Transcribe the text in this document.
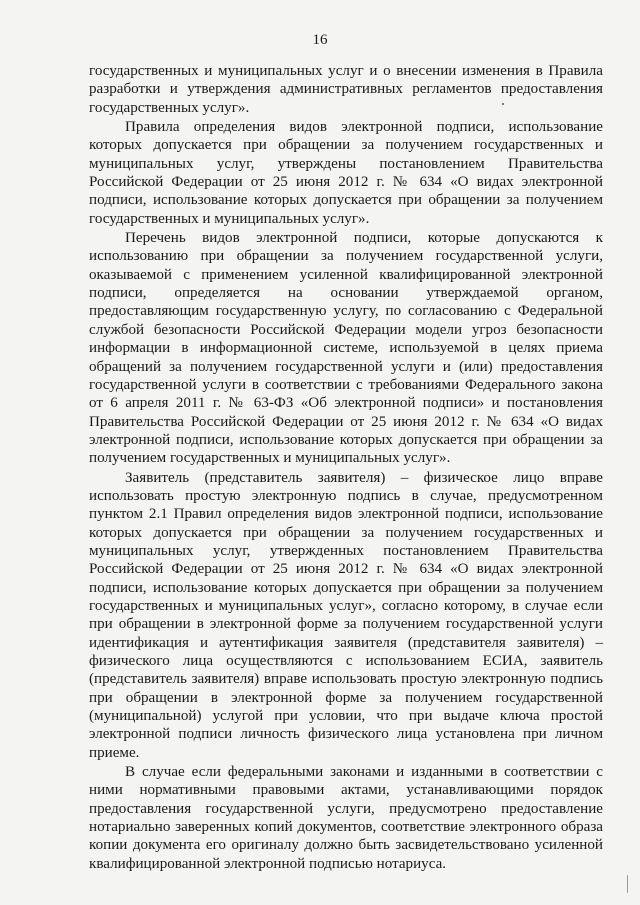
16

государственных и муниципальных услуг и о внесении изменения в Правила разработки и утверждения административных регламентов предоставления государственных услуг».

Правила определения видов электронной подписи, использование которых допускается при обращении за получением государственных и муниципальных услуг, утверждены постановлением Правительства Российской Федерации от 25 июня 2012 г. № 634 «О видах электронной подписи, использование которых допускается при обращении за получением государственных и муниципальных услуг».

Перечень видов электронной подписи, которые допускаются к использованию при обращении за получением государственной услуги, оказываемой с применением усиленной квалифицированной электронной подписи, определяется на основании утверждаемой органом, предоставляющим государственную услугу, по согласованию с Федеральной службой безопасности Российской Федерации модели угроз безопасности информации в информационной системе, используемой в целях приема обращений за получением государственной услуги и (или) предоставления государственной услуги в соответствии с требованиями Федерального закона от 6 апреля 2011 г. № 63-ФЗ «Об электронной подписи» и постановления Правительства Российской Федерации от 25 июня 2012 г. № 634 «О видах электронной подписи, использование которых допускается при обращении за получением государственных и муниципальных услуг».

Заявитель (представитель заявителя) – физическое лицо вправе использовать простую электронную подпись в случае, предусмотренном пунктом 2.1 Правил определения видов электронной подписи, использование которых допускается при обращении за получением государственных и муниципальных услуг, утвержденных постановлением Правительства Российской Федерации от 25 июня 2012 г. № 634 «О видах электронной подписи, использование которых допускается при обращении за получением государственных и муниципальных услуг», согласно которому, в случае если при обращении в электронной форме за получением государственной услуги идентификация и аутентификация заявителя (представителя заявителя) – физического лица осуществляются с использованием ЕСИА, заявитель (представитель заявителя) вправе использовать простую электронную подпись при обращении в электронной форме за получением государственной (муниципальной) услугой при условии, что при выдаче ключа простой электронной подписи личность физического лица установлена при личном приеме.

В случае если федеральными законами и изданными в соответствии с ними нормативными правовыми актами, устанавливающими порядок предоставления государственной услуги, предусмотрено предоставление нотариально заверенных копий документов, соответствие электронного образа копии документа его оригиналу должно быть засвидетельствовано усиленной квалифицированной электронной подписью нотариуса.
